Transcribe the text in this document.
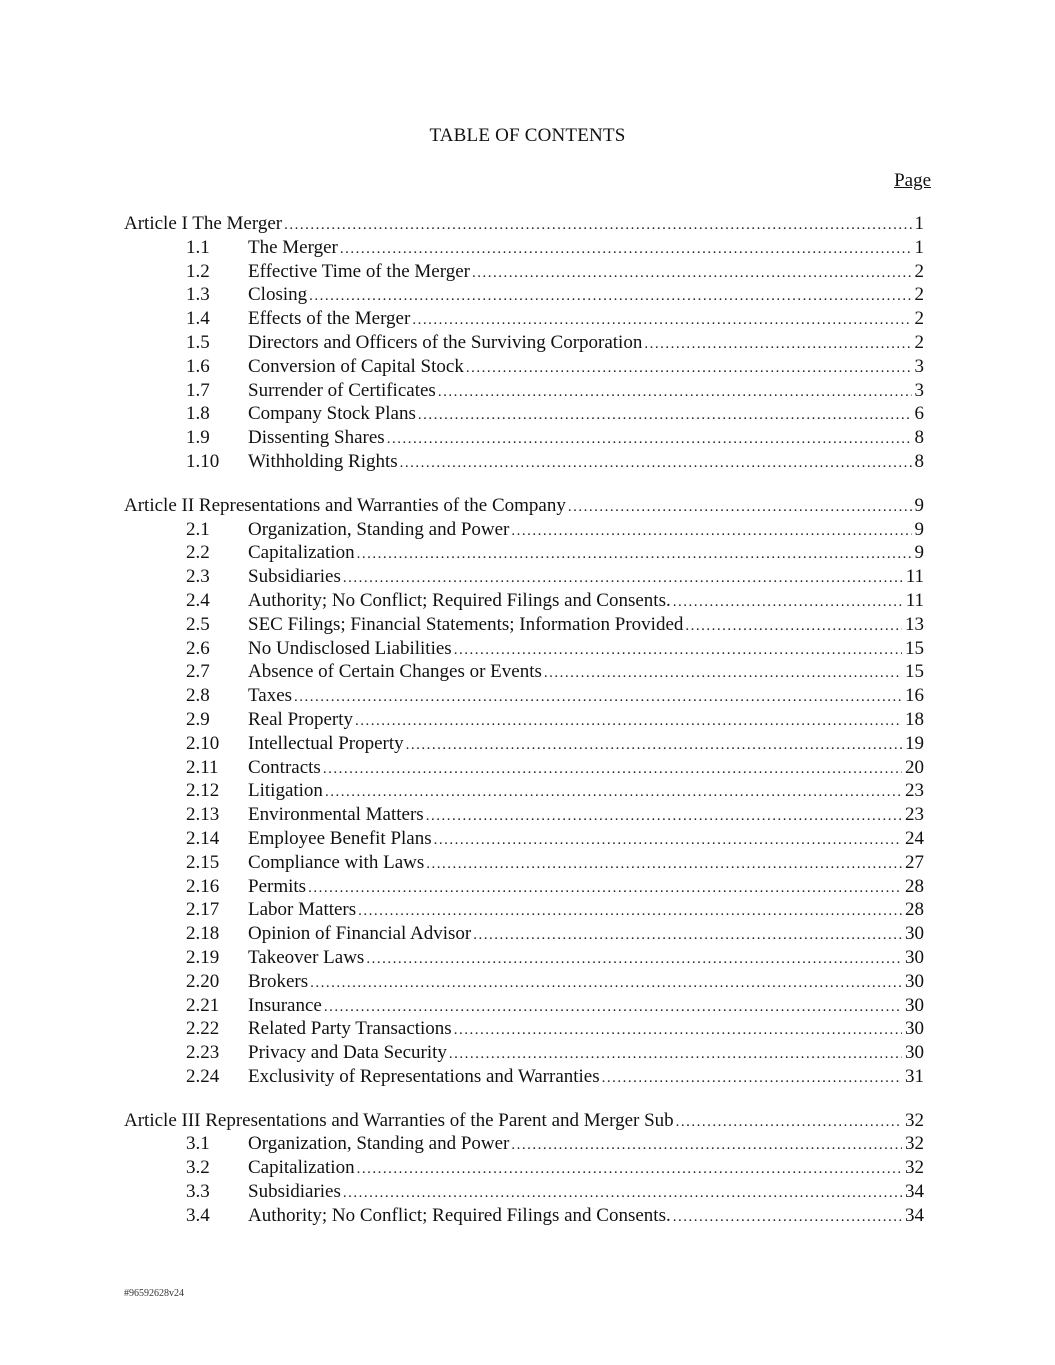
TABLE OF CONTENTS
Page
Article I The Merger .....	1
1.1	The Merger .....	1
1.2	Effective Time of the Merger .....	2
1.3	Closing .....	2
1.4	Effects of the Merger .....	2
1.5	Directors and Officers of the Surviving Corporation .....	2
1.6	Conversion of Capital Stock .....	3
1.7	Surrender of Certificates .....	3
1.8	Company Stock Plans .....	6
1.9	Dissenting Shares .....	8
1.10	Withholding Rights .....	8
Article II Representations and Warranties of the Company .....	9
2.1	Organization, Standing and Power .....	9
2.2	Capitalization .....	9
2.3	Subsidiaries .....	11
2.4	Authority; No Conflict; Required Filings and Consents. .....	11
2.5	SEC Filings; Financial Statements; Information Provided .....	13
2.6	No Undisclosed Liabilities .....	15
2.7	Absence of Certain Changes or Events .....	15
2.8	Taxes .....	16
2.9	Real Property .....	18
2.10	Intellectual Property .....	19
2.11	Contracts .....	20
2.12	Litigation .....	23
2.13	Environmental Matters .....	23
2.14	Employee Benefit Plans .....	24
2.15	Compliance with Laws .....	27
2.16	Permits .....	28
2.17	Labor Matters .....	28
2.18	Opinion of Financial Advisor .....	30
2.19	Takeover Laws .....	30
2.20	Brokers .....	30
2.21	Insurance .....	30
2.22	Related Party Transactions .....	30
2.23	Privacy and Data Security .....	30
2.24	Exclusivity of Representations and Warranties .....	31
Article III Representations and Warranties of the Parent and Merger Sub .....	32
3.1	Organization, Standing and Power .....	32
3.2	Capitalization .....	32
3.3	Subsidiaries .....	34
3.4	Authority; No Conflict; Required Filings and Consents. .....	34
#96592628v24
